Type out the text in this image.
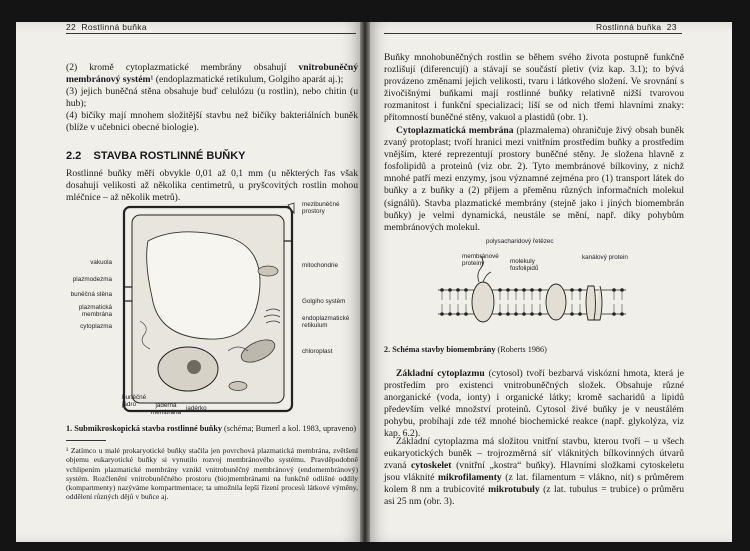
22 Rostlinná buňka

(2) kromě cytoplazmatické membrány obsahují vnitrobuněčný membránový systém¹ (endoplazmatické retikulum, Golgiho aparát aj.);

(3) jejich buněčná stěna obsahuje buď celulózu (u rostlin), nebo chitin (u hub);

(4) bičíky mají mnohem složitější stavbu než bičíky bakteriálních buněk (blíže v učebnici obecné biologie).

2.2 STAVBA ROSTLINNÉ BUŇKY
Rostlinné buňky měří obvykle 0,01 až 0,1 mm (u některých řas však dosahují velikosti až několika centimetrů, u pryšcovitých rostlin mohou mléčnice – až několik metrů).
vakuola
plazmodezma
buněčná stěna
plazmatická membrána
cytoplazma
mezibuněčné prostory
mitochondrie
Golgiho systém
endoplazmatické retikulum
chloroplast
buněčné jádro	jaderná membrána
jadérko
1. Submikroskopická stavba rostlinné buňky (schéma; Bumerl a kol. 1983, upraveno)
¹ Zatímco u malé prokaryotické buňky stačila jen povrchová plazmatická membrána, zvětšení objemu eukaryotické buňky si vynutilo rozvoj membránového systému. Pravděpodobně vchlipením plazmatické membrány vznikl vnitrobuněčný membránový (endomembránový) systém. Rozčlenění vnitrobuněčného prostoru (bio)membránami na funkčně odlišné oddíly (kompartmenty) nazýváme kompartmentace; ta umožnila lepší řízení procesů látkové výměny, oddělení různých dějů v buňce aj.
Rostlinná buňka 23
Buňky mnohobuněčných rostlin se během svého života postupně funkčně rozlišují (diferencují) a stávají se součástí pletiv (viz kap. 3.1); to bývá provázeno změnami jejich velikosti, tvaru i látkového složení. Ve srovnání s živočišnými buňkami mají rostlinné buňky relativně nižší tvarovou rozmanitost i funkční specializaci; liší se od nich třemi hlavními znaky: přítomností buněčné stěny, vakuol a plastidů (obr. 1).
Cytoplazmatická membrána (plazmalema) ohraničuje živý obsah buněk zvaný protoplast; tvoří hranici mezi vnitřním prostředím buňky a prostředím vnějším, které reprezentují prostory buněčné stěny. Je složena hlavně z fosfolipidů a proteinů (viz obr. 2). Tyto membránové bílkoviny, z nichž mnohé patří mezi enzymy, jsou významné zejména pro (1) transport látek do buňky a z buňky a (2) příjem a přeměnu různých informačních molekul (signálů). Stavba plazmatické membrány (stejně jako i jiných biomembrán buňky) je velmi dynamická, neustále se mění, např. díky pohybům membránových molekul.
polysacharidový řetězec
membránové proteiny	molekuly fosfolipidů
kanálový protein
2. Schéma stavby biomembrány (Roberts 1986)
Základní cytoplazmu (cytosol) tvoří bezbarvá viskózní hmota, která je prostředím pro existenci vnitrobuněčných složek. Obsahuje různé anorganické (voda, ionty) i organické látky; kromě sacharidů a lipidů především velké množství proteinů. Cytosol živé buňky je v neustálém pohybu, probíhají zde též mnohé biochemické reakce (např. glykolýza, viz kap. 6.2).
Základní cytoplazma má složitou vnitřní stavbu, kterou tvoří – u všech eukaryotických buněk – trojrozměrná síť vláknitých bílkovinných útvarů zvaná cytoskelet (vnitřní „kostra“ buňky). Hlavními složkami cytoskeletu jsou vláknité mikrofilamenty (z lat. filamentum = vlákno, nit) s průměrem kolem 8 nm a trubicovité mikrotubuly (z lat. tubulus = trubice) o průměru asi 25 nm (obr. 3).
